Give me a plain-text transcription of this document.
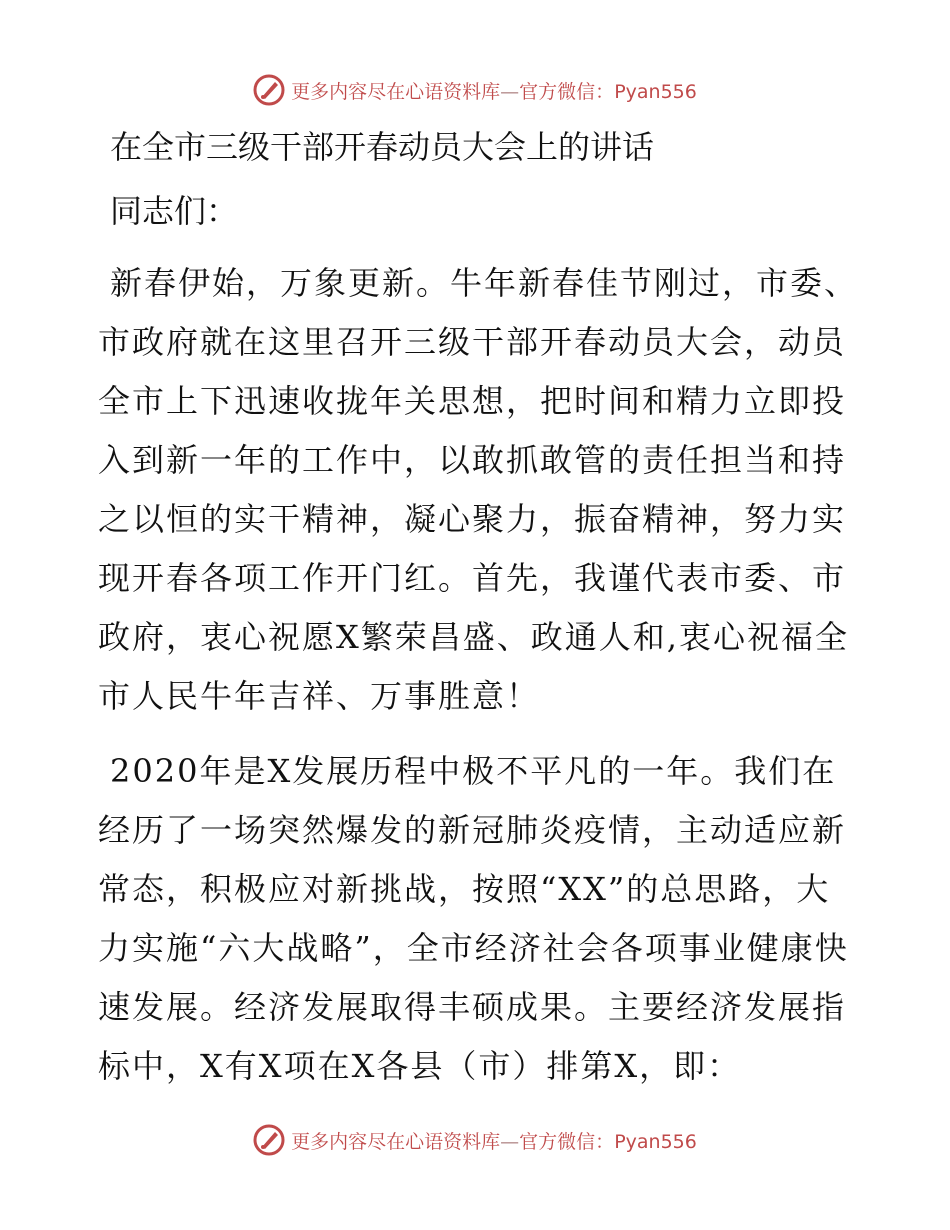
更多内容尽在心语资料库—官方微信：Pyan556

在全市三级干部开春动员大会上的讲话

同志们：

新春伊始，万象更新。牛年新春佳节刚过，市委、市政府就在这里召开三级干部开春动员大会，动员全市上下迅速收拢年关思想，把时间和精力立即投入到新一年的工作中，以敢抓敢管的责任担当和持之以恒的实干精神，凝心聚力，振奋精神，努力实现开春各项工作开门红。首先，我谨代表市委、市政府，衷心祝愿X繁荣昌盛、政通人和,衷心祝福全市人民牛年吉祥、万事胜意！

2020年是X发展历程中极不平凡的一年。我们在经历了一场突然爆发的新冠肺炎疫情，主动适应新常态，积极应对新挑战，按照“XX”的总思路，大力实施“六大战略”，全市经济社会各项事业健康快速发展。经济发展取得丰硕成果。主要经济发展指标中，X有X项在X各县（市）排第X，即：

更多内容尽在心语资料库—官方微信：Pyan556
